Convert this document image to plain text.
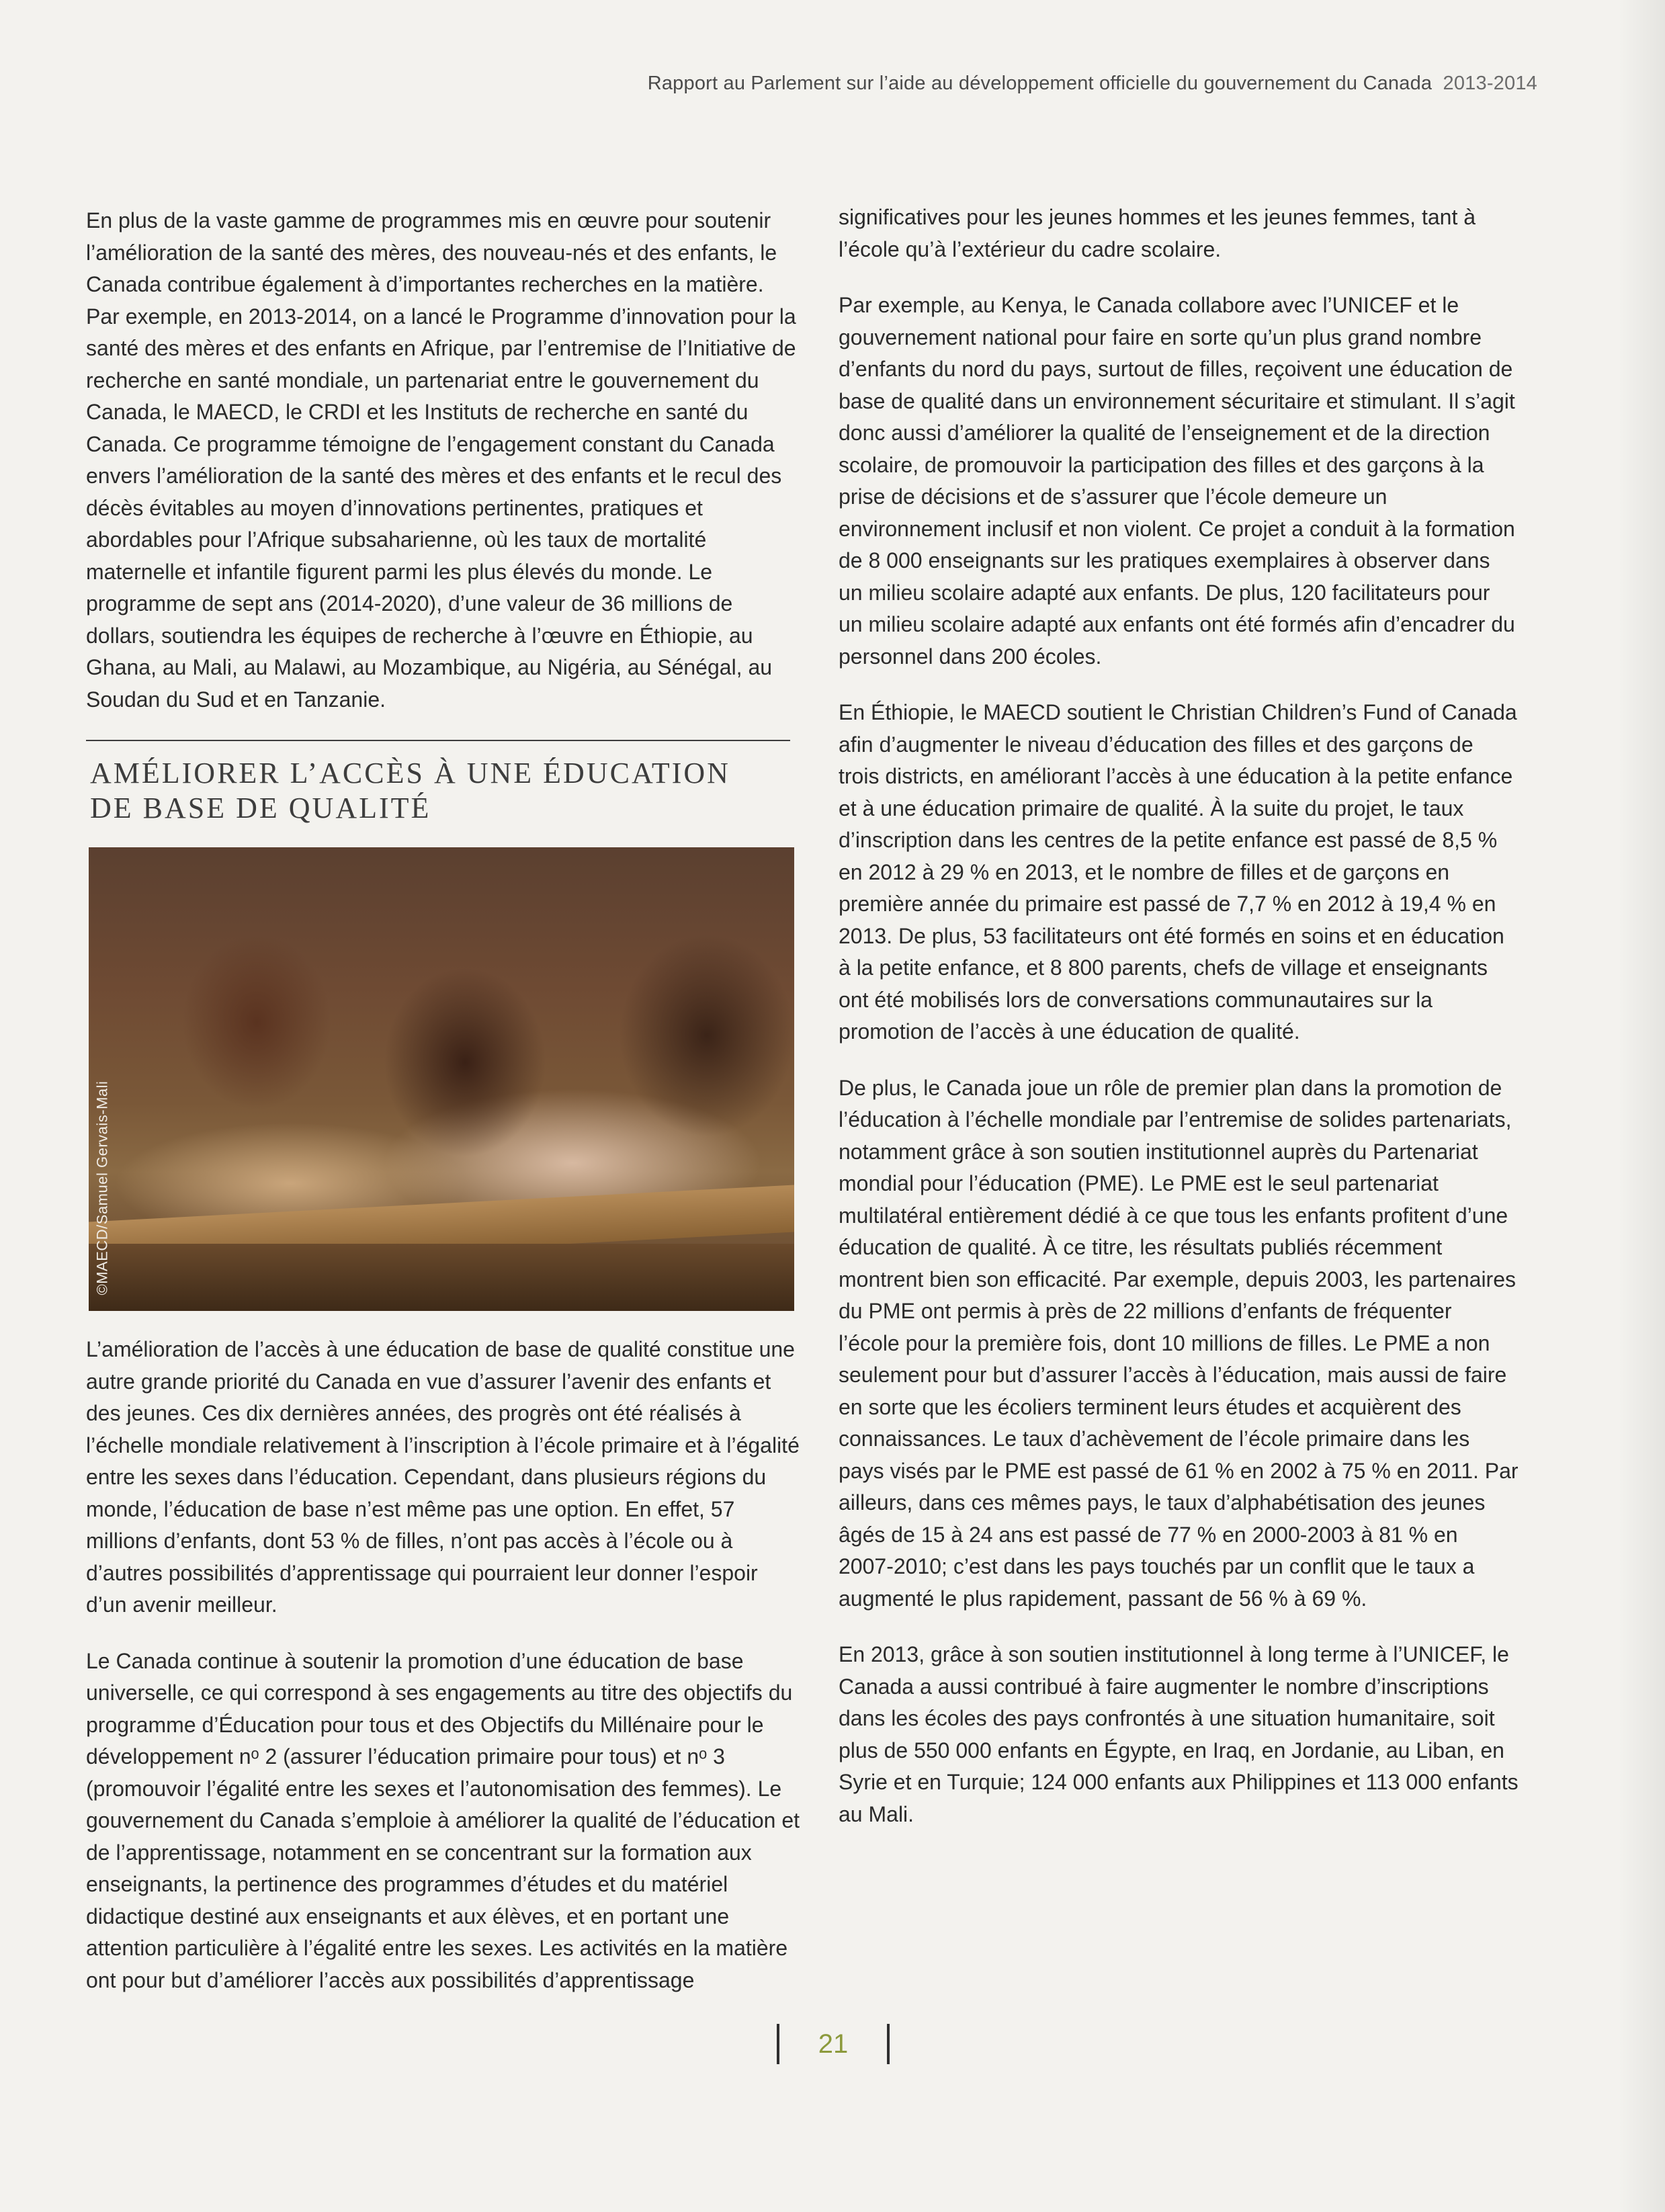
Rapport au Parlement sur l’aide au développement officielle du gouvernement du Canada 2013-2014

En plus de la vaste gamme de programmes mis en œuvre pour soutenir l’amélioration de la santé des mères, des nouveau-nés et des enfants, le Canada contribue également à d’importantes recherches en la matière. Par exemple, en 2013-2014, on a lancé le Programme d’innovation pour la santé des mères et des enfants en Afrique, par l’entremise de l’Initiative de recherche en santé mondiale, un partenariat entre le gouvernement du Canada, le MAECD, le CRDI et les Instituts de recherche en santé du Canada. Ce programme témoigne de l’engagement constant du Canada envers l’amélioration de la santé des mères et des enfants et le recul des décès évitables au moyen d’innovations pertinentes, pratiques et abordables pour l’Afrique subsaharienne, où les taux de mortalité maternelle et infantile figurent parmi les plus élevés du monde. Le programme de sept ans (2014-2020), d’une valeur de 36 millions de dollars, soutiendra les équipes de recherche à l’œuvre en Éthiopie, au Ghana, au Mali, au Malawi, au Mozambique, au Nigéria, au Sénégal, au Soudan du Sud et en Tanzanie.

AMÉLIORER L’ACCÈS À UNE ÉDUCATION
DE BASE DE QUALITÉ
©MAECD/Samuel Gervais-Mali

L’amélioration de l’accès à une éducation de base de qualité constitue une autre grande priorité du Canada en vue d’assurer l’avenir des enfants et des jeunes. Ces dix dernières années, des progrès ont été réalisés à l’échelle mondiale relativement à l’inscription à l’école primaire et à l’égalité entre les sexes dans l’éducation. Cependant, dans plusieurs régions du monde, l’éducation de base n’est même pas une option. En effet, 57 millions d’enfants, dont 53 % de filles, n’ont pas accès à l’école ou à d’autres possibilités d’apprentissage qui pourraient leur donner l’espoir d’un avenir meilleur.

Le Canada continue à soutenir la promotion d’une éducation de base universelle, ce qui correspond à ses engagements au titre des objectifs du programme d’Éducation pour tous et des Objectifs du Millénaire pour le développement nᵒ 2 (assurer l’éducation primaire pour tous) et nᵒ 3 (promouvoir l’égalité entre les sexes et l’autonomisation des femmes). Le gouvernement du Canada s’emploie à améliorer la qualité de l’éducation et de l’apprentissage, notamment en se concentrant sur la formation aux enseignants, la pertinence des programmes d’études et du matériel didactique destiné aux enseignants et aux élèves, et en portant une attention particulière à l’égalité entre les sexes. Les activités en la matière ont pour but d’améliorer l’accès aux possibilités d’apprentissage

significatives pour les jeunes hommes et les jeunes femmes, tant à l’école qu’à l’extérieur du cadre scolaire.

Par exemple, au Kenya, le Canada collabore avec l’UNICEF et le gouvernement national pour faire en sorte qu’un plus grand nombre d’enfants du nord du pays, surtout de filles, reçoivent une éducation de base de qualité dans un environnement sécuritaire et stimulant. Il s’agit donc aussi d’améliorer la qualité de l’enseignement et de la direction scolaire, de promouvoir la participation des filles et des garçons à la prise de décisions et de s’assurer que l’école demeure un environnement inclusif et non violent. Ce projet a conduit à la formation de 8 000 enseignants sur les pratiques exemplaires à observer dans un milieu scolaire adapté aux enfants. De plus, 120 facilitateurs pour un milieu scolaire adapté aux enfants ont été formés afin d’encadrer du personnel dans 200 écoles.

En Éthiopie, le MAECD soutient le Christian Children’s Fund of Canada afin d’augmenter le niveau d’éducation des filles et des garçons de trois districts, en améliorant l’accès à une éducation à la petite enfance et à une éducation primaire de qualité. À la suite du projet, le taux d’inscription dans les centres de la petite enfance est passé de 8,5 % en 2012 à 29 % en 2013, et le nombre de filles et de garçons en première année du primaire est passé de 7,7 % en 2012 à 19,4 % en 2013. De plus, 53 facilitateurs ont été formés en soins et en éducation à la petite enfance, et 8 800 parents, chefs de village et enseignants ont été mobilisés lors de conversations communautaires sur la promotion de l’accès à une éducation de qualité.

De plus, le Canada joue un rôle de premier plan dans la promotion de l’éducation à l’échelle mondiale par l’entremise de solides partenariats, notamment grâce à son soutien institutionnel auprès du Partenariat mondial pour l’éducation (PME). Le PME est le seul partenariat multilatéral entièrement dédié à ce que tous les enfants profitent d’une éducation de qualité. À ce titre, les résultats publiés récemment montrent bien son efficacité. Par exemple, depuis 2003, les partenaires du PME ont permis à près de 22 millions d’enfants de fréquenter l’école pour la première fois, dont 10 millions de filles. Le PME a non seulement pour but d’assurer l’accès à l’éducation, mais aussi de faire en sorte que les écoliers terminent leurs études et acquièrent des connaissances. Le taux d’achèvement de l’école primaire dans les pays visés par le PME est passé de 61 % en 2002 à 75 % en 2011. Par ailleurs, dans ces mêmes pays, le taux d’alphabétisation des jeunes âgés de 15 à 24 ans est passé de 77 % en 2000-2003 à 81 % en 2007-2010; c’est dans les pays touchés par un conflit que le taux a augmenté le plus rapidement, passant de 56 % à 69 %.

En 2013, grâce à son soutien institutionnel à long terme à l’UNICEF, le Canada a aussi contribué à faire augmenter le nombre d’inscriptions dans les écoles des pays confrontés à une situation humanitaire, soit plus de 550 000 enfants en Égypte, en Iraq, en Jordanie, au Liban, en Syrie et en Turquie; 124 000 enfants aux Philippines et 113 000 enfants au Mali.

21
